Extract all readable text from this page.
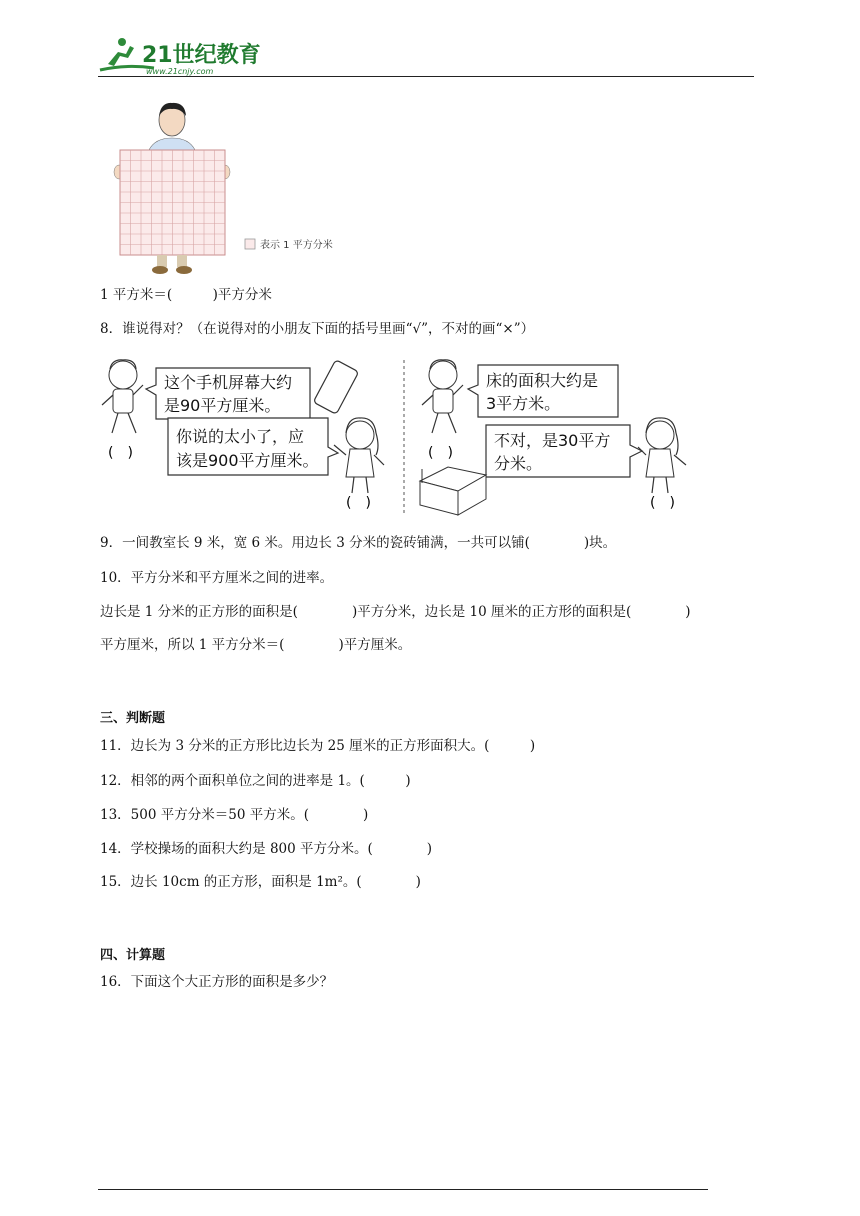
21世纪教育
www.21cnjy.com
表示 1 平方分米
1 平方米＝(　　　)平方分米
8．谁说得对？（在说得对的小朋友下面的括号里画“√”，不对的画“×”）
(　)
这个手机屏幕大约
是90平方厘米。
你说的太小了，应
该是900平方厘米。
(　)
(　)
床的面积大约是
3平方米。
不对，是30平方
分米。
(　)
9．一间教室长 9 米，宽 6 米。用边长 3 分米的瓷砖铺满，一共可以铺(　　　　)块。
10．平方分米和平方厘米之间的进率。
边长是 1 分米的正方形的面积是(　　　　)平方分米，边长是 10 厘米的正方形的面积是(　　　　)
平方厘米，所以 1 平方分米＝(　　　　)平方厘米。
三、判断题
11．边长为 3 分米的正方形比边长为 25 厘米的正方形面积大。(　　　)
12．相邻的两个面积单位之间的进率是 1。(　　　)
13．500 平方分米＝50 平方米。(　　　　)
14．学校操场的面积大约是 800 平方分米。(　　　　)
15．边长 10cm 的正方形，面积是 1m²。(　　　　)
四、计算题
16．下面这个大正方形的面积是多少？
